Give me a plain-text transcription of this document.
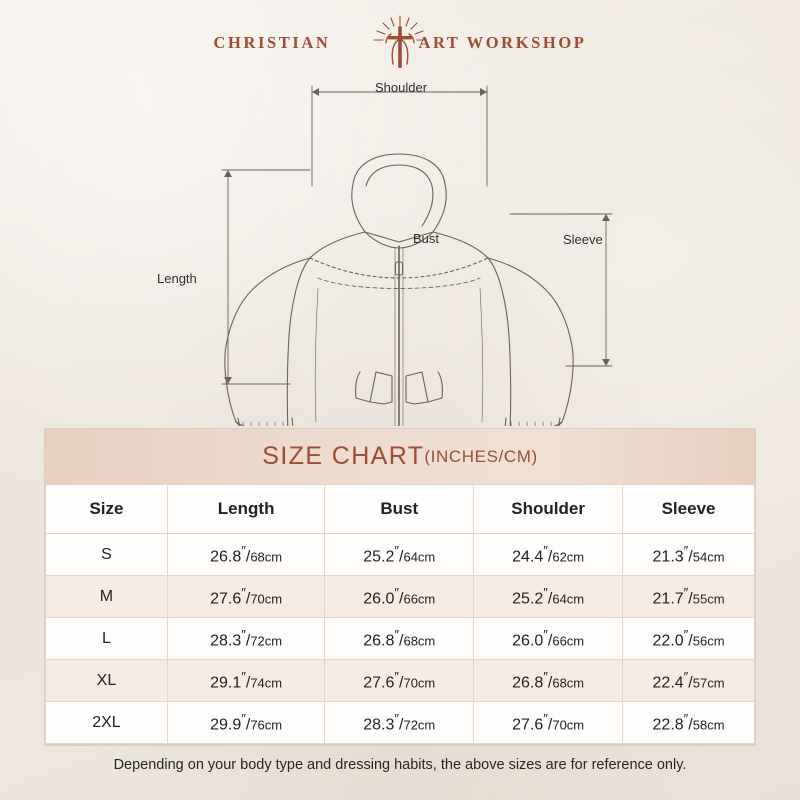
CHRISTIAN	ART WORKSHOP
Shoulder
Bust	Sleeve
Length
SIZE CHART (INCHES/CM)
Size	Length	Bust	Shoulder	Sleeve
S	26.8″/68cm	25.2″/64cm	24.4″/62cm	21.3″/54cm
M	27.6″/70cm	26.0″/66cm	25.2″/64cm	21.7″/55cm
L	28.3″/72cm	26.8″/68cm	26.0″/66cm	22.0″/56cm
XL	29.1″/74cm	27.6″/70cm	26.8″/68cm	22.4″/57cm
2XL	29.9″/76cm	28.3″/72cm	27.6″/70cm	22.8″/58cm
Depending on your body type and dressing habits, the above sizes are for reference only.
